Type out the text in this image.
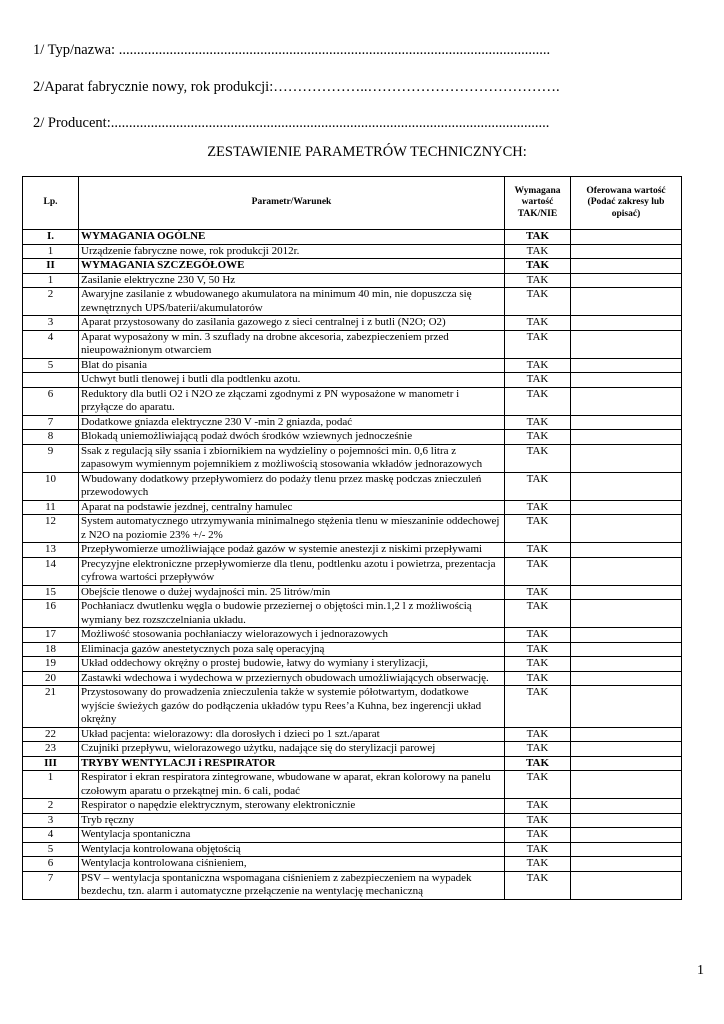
1/ Typ/nazwa: .......................................................................................................................
2/Aparat fabrycznie nowy, rok produkcji:………………..………………………………….
2/ Producent:.........................................................................................................................
ZESTAWIENIE PARAMETRÓW TECHNICZNYCH:
Lp.	Parametr/Warunek	Wymagana wartość TAK/NIE	Oferowana wartość (Podać zakresy lub opisać)
I.	WYMAGANIA OGÓLNE	TAK	
1	Urządzenie fabryczne nowe, rok produkcji 2012r.	TAK	
II	WYMAGANIA SZCZEGÓŁOWE	TAK	
1	Zasilanie elektryczne 230 V, 50 Hz	TAK	
2	Awaryjne zasilanie z wbudowanego akumulatora na minimum 40 min, nie dopuszcza się zewnętrznych UPS/baterii/akumulatorów	TAK	
3	Aparat przystosowany do zasilania gazowego z sieci centralnej i z butli (N2O; O2)	TAK	
4	Aparat wyposażony w min. 3 szuflady na drobne akcesoria, zabezpieczeniem przed nieupoważnionym otwarciem	TAK	
5	Blat do pisania	TAK	
	Uchwyt butli tlenowej i butli dla podtlenku azotu.	TAK	
6	Reduktory dla butli O2 i N2O ze złączami zgodnymi z PN wyposażone w manometr i przyłącze do aparatu.	TAK	
7	Dodatkowe gniazda elektryczne 230 V -min 2 gniazda, podać	TAK	
8	Blokadą uniemożliwiającą podaż dwóch środków wziewnych jednocześnie	TAK	
9	Ssak z regulacją siły ssania i zbiornikiem na wydzieliny o pojemności min. 0,6 litra z zapasowym wymiennym pojemnikiem z możliwością stosowania wkładów jednorazowych	TAK	
10	Wbudowany dodatkowy przepływomierz do podaży tlenu przez maskę podczas znieczuleń przewodowych	TAK	
11	Aparat na podstawie jezdnej, centralny hamulec	TAK	
12	System automatycznego utrzymywania minimalnego stężenia tlenu w mieszaninie oddechowej z N2O na poziomie 23% +/- 2%	TAK	
13	Przepływomierze umożliwiające podaż gazów w systemie anestezji z niskimi przepływami	TAK	
14	Precyzyjne elektroniczne przepływomierze dla tlenu, podtlenku azotu i powietrza, prezentacja cyfrowa wartości przepływów	TAK	
15	Obejście tlenowe o dużej wydajności min. 25 litrów/min	TAK	
16	Pochłaniacz dwutlenku węgla o budowie przeziernej o objętości min.1,2 l z możliwością wymiany bez rozszczelniania układu.	TAK	
17	Możliwość stosowania pochłaniaczy wielorazowych i jednorazowych	TAK	
18	Eliminacja gazów anestetycznych poza salę operacyjną	TAK	
19	Układ oddechowy okrężny o prostej budowie, łatwy do wymiany i sterylizacji,	TAK	
20	Zastawki wdechowa i wydechowa w przeziernych obudowach umożliwiających obserwację.	TAK	
21	Przystosowany do prowadzenia znieczulenia także w systemie półotwartym, dodatkowe wyjście świeżych gazów do podłączenia układów typu Rees’a Kuhna, bez ingerencji układ okrężny	TAK	
22	Układ pacjenta: wielorazowy: dla dorosłych i dzieci po 1 szt./aparat	TAK	
23	Czujniki przepływu, wielorazowego użytku, nadające się do sterylizacji parowej	TAK	
III	TRYBY WENTYLACJI i RESPIRATOR	TAK	
1	Respirator i ekran respiratora zintegrowane, wbudowane w aparat, ekran kolorowy na panelu czołowym aparatu o przekątnej min. 6 cali, podać	TAK	
2	Respirator o napędzie elektrycznym, sterowany elektronicznie	TAK	
3	Tryb ręczny	TAK	
4	Wentylacja spontaniczna	TAK	
5	Wentylacja kontrolowana objętością	TAK	
6	Wentylacja kontrolowana ciśnieniem,	TAK	
7	PSV – wentylacja spontaniczna wspomagana ciśnieniem z zabezpieczeniem na wypadek bezdechu, tzn. alarm i automatyczne przełączenie na wentylację mechaniczną	TAK	
1
